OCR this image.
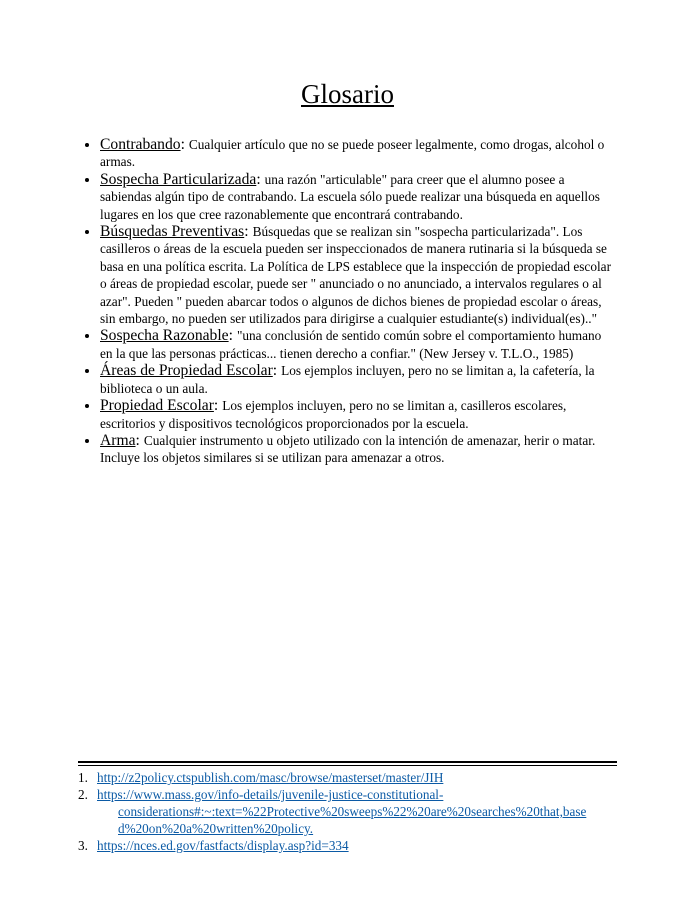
Glosario
• Contrabando: Cualquier artículo que no se puede poseer legalmente, como drogas, alcohol o armas.
• Sospecha Particularizada: una razón "articulable" para creer que el alumno posee a sabiendas algún tipo de contrabando. La escuela sólo puede realizar una búsqueda en aquellos lugares en los que cree razonablemente que encontrará contrabando.
• Búsquedas Preventivas: Búsquedas que se realizan sin "sospecha particularizada". Los casilleros o áreas de la escuela pueden ser inspeccionados de manera rutinaria si la búsqueda se basa en una política escrita. La Política de LPS establece que la inspección de propiedad escolar o áreas de propiedad escolar, puede ser " anunciado o no anunciado, a intervalos regulares o al azar". Pueden " pueden abarcar todos o algunos de dichos bienes de propiedad escolar o áreas, sin embargo, no pueden ser utilizados para dirigirse a cualquier estudiante(s) individual(es).."
• Sospecha Razonable: "una conclusión de sentido común sobre el comportamiento humano en la que las personas prácticas... tienen derecho a confiar." (New Jersey v. T.L.O., 1985)
• Áreas de Propiedad Escolar: Los ejemplos incluyen, pero no se limitan a, la cafetería, la biblioteca o un aula.
• Propiedad Escolar: Los ejemplos incluyen, pero no se limitan a, casilleros escolares, escritorios y dispositivos tecnológicos proporcionados por la escuela.
• Arma: Cualquier instrumento u objeto utilizado con la intención de amenazar, herir o matar. Incluye los objetos similares si se utilizan para amenazar a otros.
1. http://z2policy.ctspublish.com/masc/browse/masterset/master/JIH
2. https://www.mass.gov/info-details/juvenile-justice-constitutional-
considerations#:~:text=%22Protective%20sweeps%22%20are%20searches%20that,base
d%20on%20a%20written%20policy.
3. https://nces.ed.gov/fastfacts/display.asp?id=334
